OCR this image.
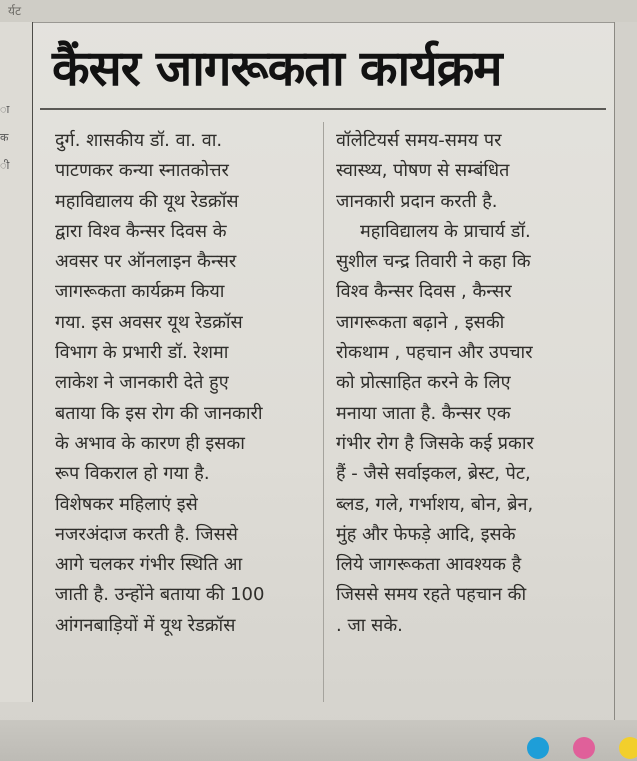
र्यट
ा
क
ी
कैंसर जागरूकता कार्यक्रम
दुर्ग. शासकीय डॉ. वा. वा.
पाटणकर कन्या स्नातकोत्तर
महाविद्यालय की यूथ रेडक्रॉस
द्वारा विश्व कैन्सर दिवस के
अवसर पर ऑनलाइन कैन्सर
जागरूकता कार्यक्रम किया
गया. इस अवसर यूथ रेडक्रॉस
विभाग के प्रभारी डॉ. रेशमा
लाकेश ने जानकारी देते हुए
बताया कि इस रोग की जानकारी
के अभाव के कारण ही इसका
रूप विकराल हो गया है.
विशेषकर महिलाएं इसे
नजरअंदाज करती है. जिससे
आगे चलकर गंभीर स्थिति आ
जाती है. उन्होंने बताया की 100
आंगनबाड़ियों में यूथ रेडक्रॉस
वॉलेटियर्स समय-समय पर
स्वास्थ्य, पोषण से सम्बंधित
जानकारी प्रदान करती है.
महाविद्यालय के प्राचार्य डॉ.
सुशील चन्द्र तिवारी ने कहा कि
विश्व कैन्सर दिवस , कैन्सर
जागरूकता बढ़ाने , इसकी
रोकथाम , पहचान और उपचार
को प्रोत्साहित करने के लिए
मनाया जाता है. कैन्सर एक
गंभीर रोग है जिसके कई प्रकार
हैं - जैसे सर्वाइकल, ब्रेस्ट, पेट,
ब्लड, गले, गर्भाशय, बोन, ब्रेन,
मुंह और फेफड़े आदि, इसके
लिये जागरूकता आवश्यक है
जिससे समय रहते पहचान की
. जा सके.
